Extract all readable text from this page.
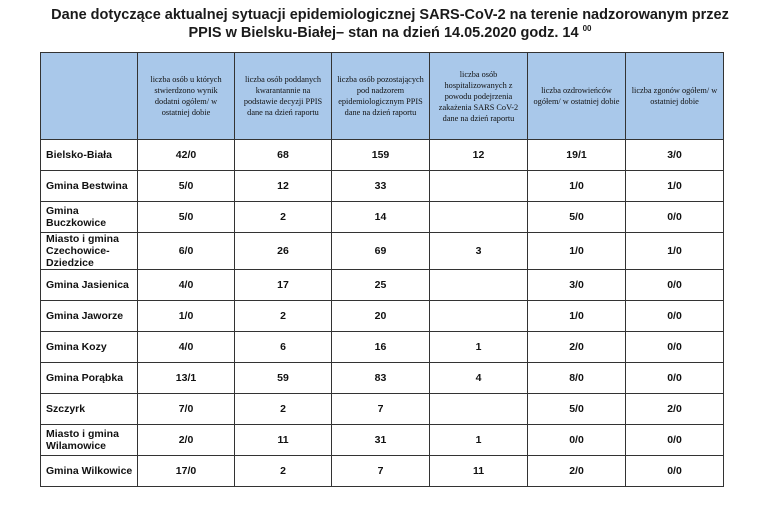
Dane dotyczące aktualnej sytuacji epidemiologicznej SARS-CoV-2 na terenie nadzorowanym przez
PPIS w Bielsku-Białej– stan na dzień 14.05.2020 godz. 14 $^{00}$
	liczba osób u których stwierdzono wynik dodatni ogółem/ w ostatniej dobie	liczba osób poddanych kwarantannie na podstawie decyzji PPIS dane na dzień raportu	liczba osób pozostających pod nadzorem epidemiologicznym PPIS dane na dzień raportu	liczba osób hospitalizowanych z powodu podejrzenia zakażenia SARS CoV-2 dane na dzień raportu	liczba ozdrowieńców ogółem/ w ostatniej dobie	liczba zgonów ogółem/ w ostatniej dobie
Bielsko-Biała	42/0	68	159	12	19/1	3/0
Gmina Bestwina	5/0	12	33		1/0	1/0
Gmina Buczkowice	5/0	2	14		5/0	0/0
Miasto i gmina Czechowice-Dziedzice	6/0	26	69	3	1/0	1/0
Gmina Jasienica	4/0	17	25		3/0	0/0
Gmina Jaworze	1/0	2	20		1/0	0/0
Gmina Kozy	4/0	6	16	1	2/0	0/0
Gmina Porąbka	13/1	59	83	4	8/0	0/0
Szczyrk	7/0	2	7		5/0	2/0
Miasto i gmina Wilamowice	2/0	11	31	1	0/0	0/0
Gmina Wilkowice	17/0	2	7	11	2/0	0/0
